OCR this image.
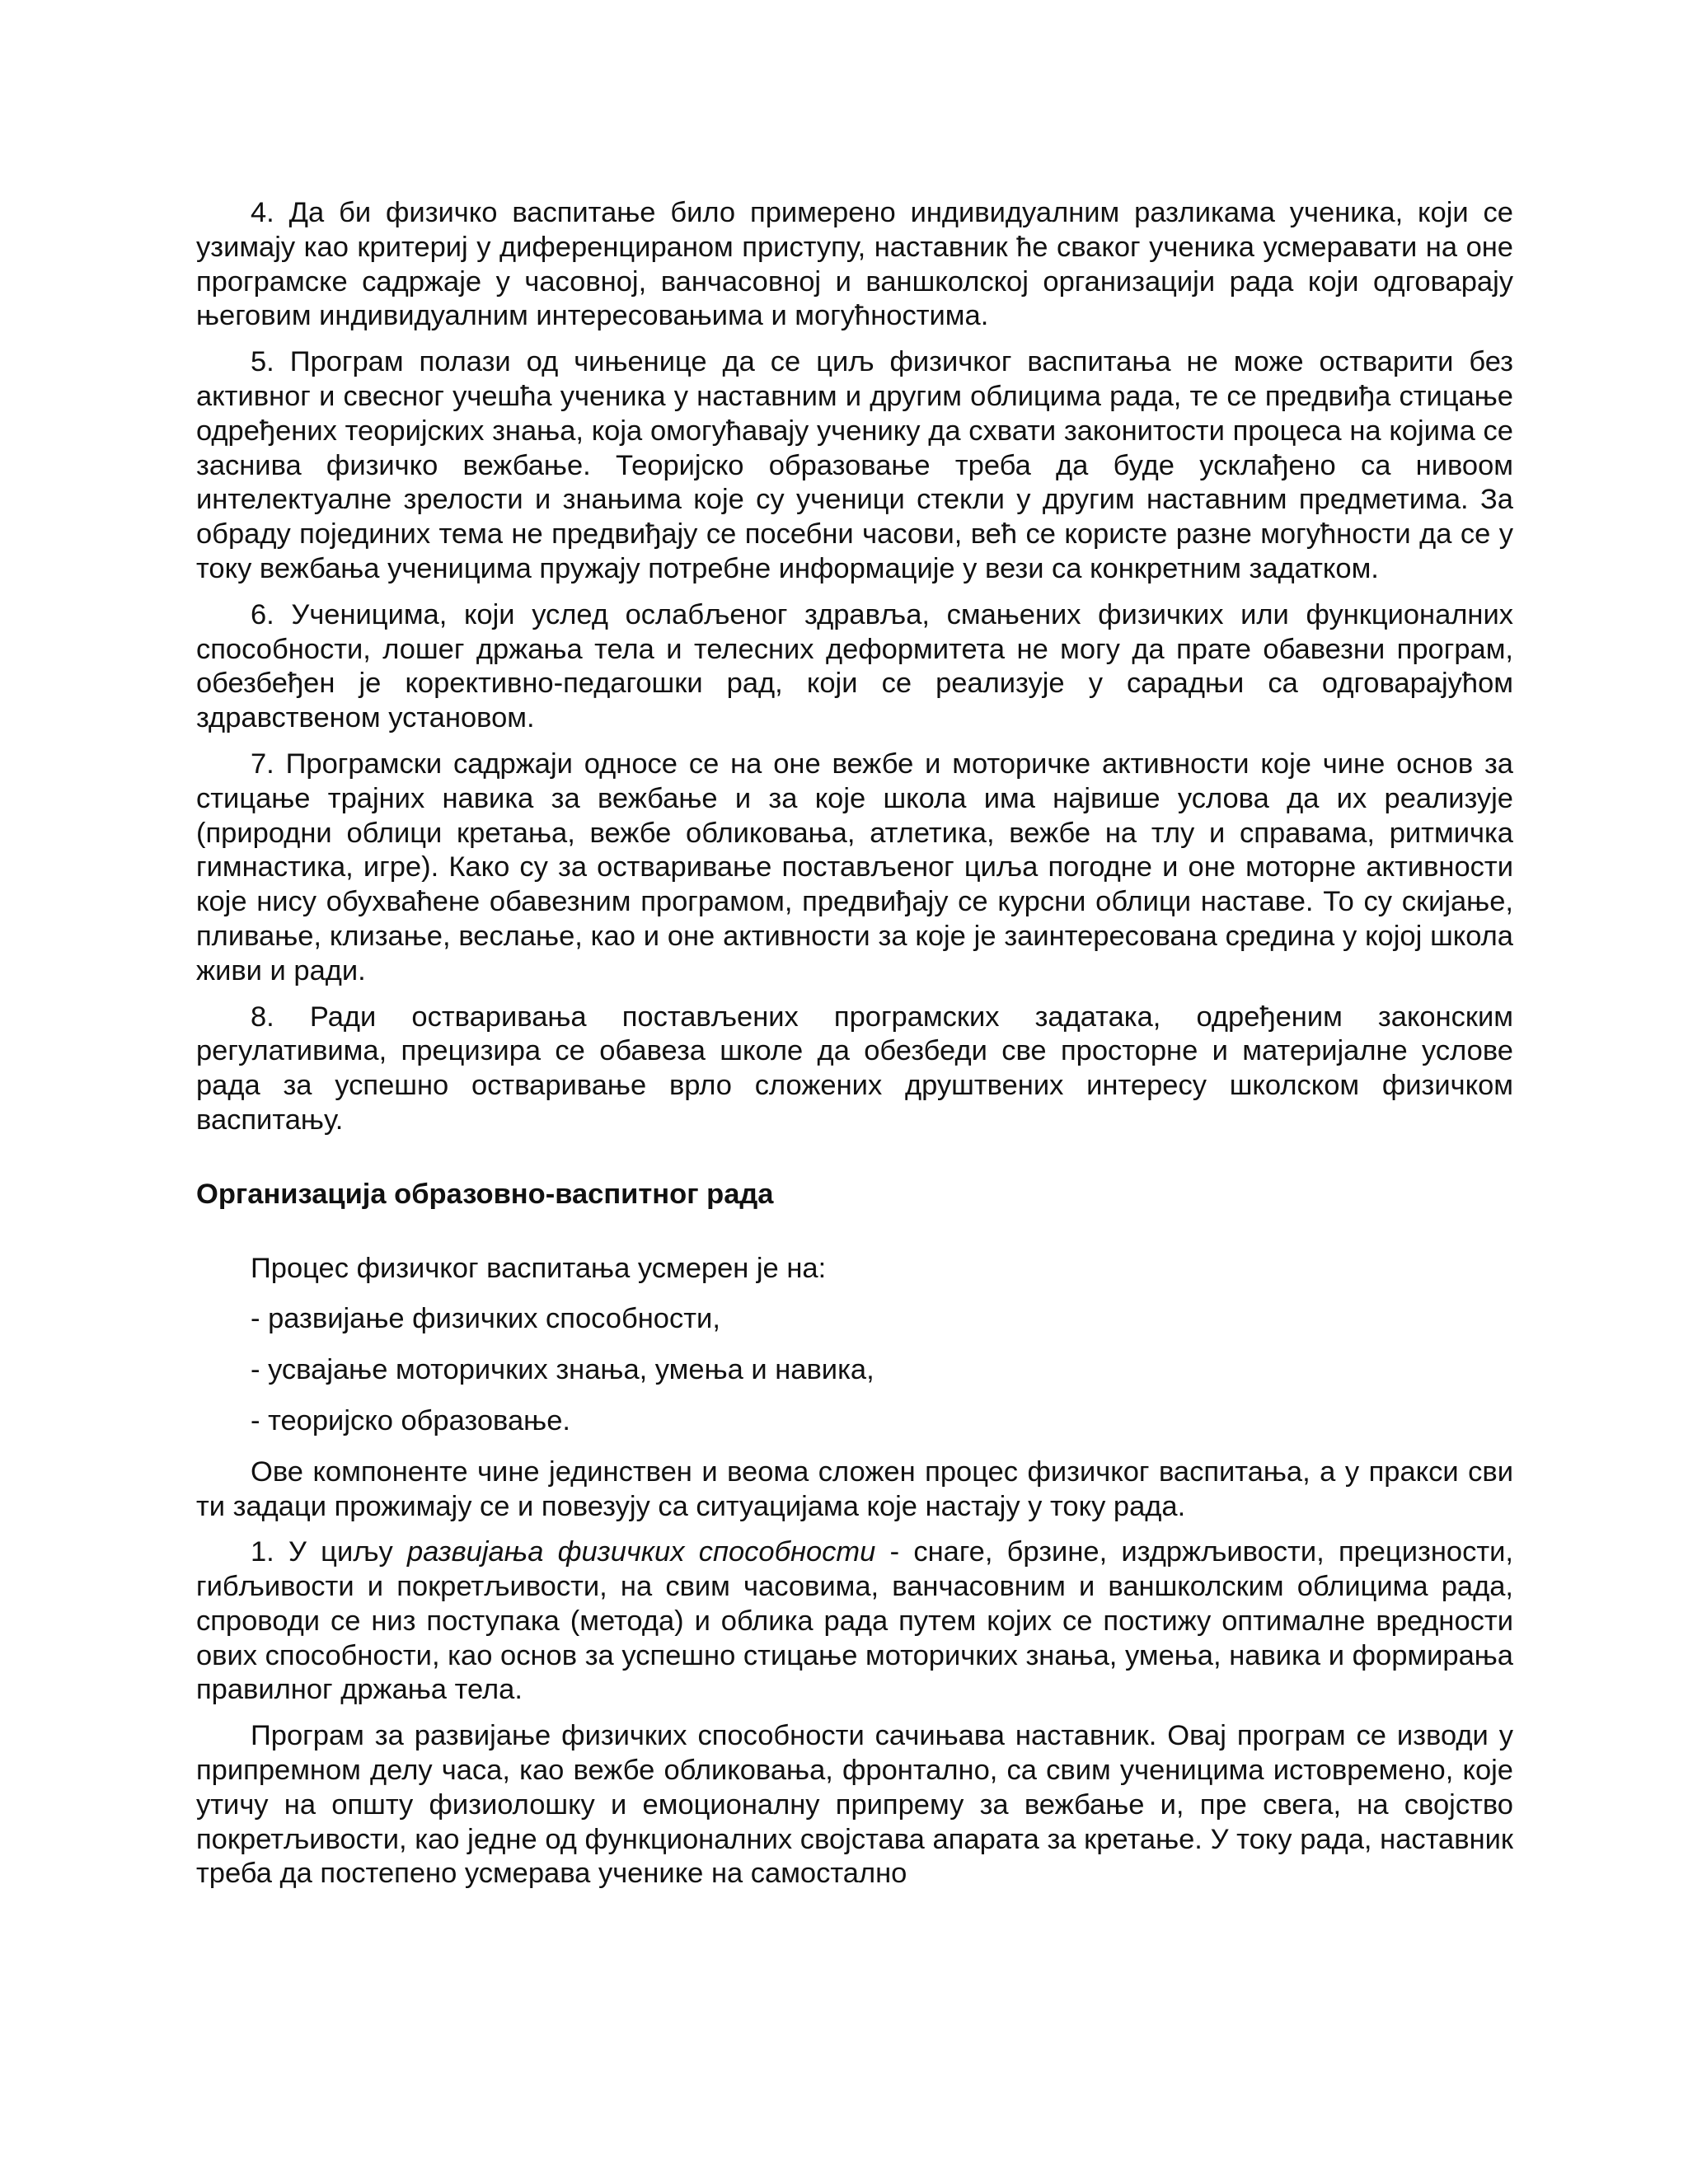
4. Да би физичко васпитање било примерено индивидуалним разликама ученика, који се узимају као критериј у диференцираном приступу, наставник ће сваког ученика усмеравати на оне програмске садржаје у часовној, ванчасовној и ваншколској организацији рада који одговарају његовим индивидуалним интересовањима и могућностима.

5. Програм полази од чињенице да се циљ физичког васпитања не може остварити без активног и свесног учешћа ученика у наставним и другим облицима рада, те се предвиђа стицање одређених теоријских знања, која омогућавају ученику да схвати законитости процеса на којима се заснива физичко вежбање. Теоријско образовање треба да буде усклађено са нивоом интелектуалне зрелости и знањима које су ученици стекли у другим наставним предметима. За обраду појединих тема не предвиђају се посебни часови, већ се користе разне могућности да се у току вежбања ученицима пружају потребне информације у вези са конкретним задатком.

6. Ученицима, који услед ослабљеног здравља, смањених физичких или функционалних способности, лошег држања тела и телесних деформитета не могу да прате обавезни програм, обезбеђен је корективно-педагошки рад, који се реализује у сарадњи са одговарајућом здравственом установом.

7. Програмски садржаји односе се на оне вежбе и моторичке активности које чине основ за стицање трајних навика за вежбање и за које школа има највише услова да их реализује (природни облици кретања, вежбе обликовања, атлетика, вежбе на тлу и справама, ритмичка гимнастика, игре). Како су за остваривање постављеног циља погодне и оне моторне активности које нису обухваћене обавезним програмом, предвиђају се курсни облици наставе. То су скијање, пливање, клизање, веслање, као и оне активности за које је заинтересована средина у којој школа живи и ради.

8. Ради остваривања постављених програмских задатака, одређеним законским регулативима, прецизира се обавеза школе да обезбеди све просторне и материјалне услове рада за успешно остваривање врло сложених друштвених интересу школском физичком васпитању.

Организација образовно-васпитног рада

Процес физичког васпитања усмерен је на:

- развијање физичких способности,

- усвајање моторичких знања, умења и навика,

- теоријско образовање.

Ове компоненте чине јединствен и веома сложен процес физичког васпитања, а у пракси сви ти задаци прожимају се и повезују са ситуацијама које настају у току рада.

1. У циљу развијања физичких способности - снаге, брзине, издржљивости, прецизности, гибљивости и покретљивости, на свим часовима, ванчасовним и ваншколским облицима рада, спроводи се низ поступака (метода) и облика рада путем којих се постижу оптималне вредности ових способности, као основ за успешно стицање моторичких знања, умења, навика и формирања правилног држања тела.

Програм за развијање физичких способности сачињава наставник. Овај програм се изводи у припремном делу часа, као вежбе обликовања, фронтално, са свим ученицима истовремено, које утичу на општу физиолошку и емоционалну припрему за вежбање и, пре свега, на својство покретљивости, као једне од функционалних својстава апарата за кретање. У току рада, наставник треба да постепено усмерава ученике на самостално
